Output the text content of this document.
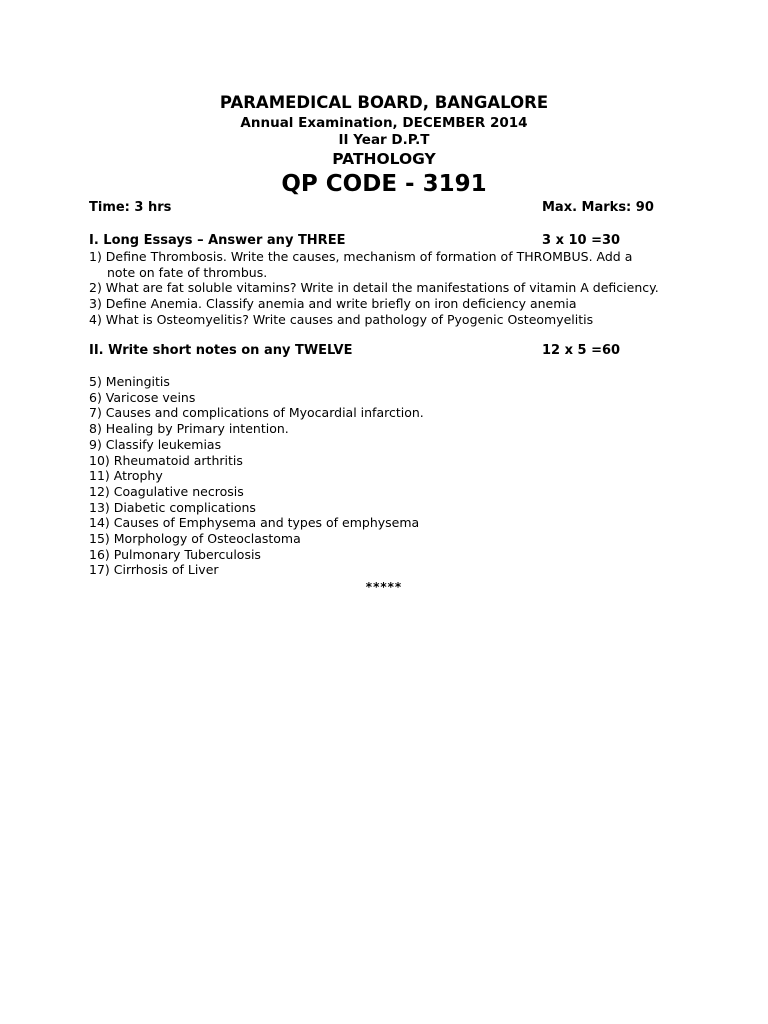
PARAMEDICAL BOARD, BANGALORE
Annual Examination, DECEMBER 2014
II Year D.P.T
PATHOLOGY
QP CODE - 3191
Time: 3 hrs	Max. Marks: 90
I. Long Essays – Answer any THREE	3 x 10 =30
1) Define Thrombosis. Write the causes, mechanism of formation of THROMBUS. Add a
note on fate of thrombus.
2) What are fat soluble vitamins? Write in detail the manifestations of vitamin A deficiency.
3) Define Anemia. Classify anemia and write briefly on iron deficiency anemia
4) What is Osteomyelitis? Write causes and pathology of Pyogenic Osteomyelitis
II. Write short notes on any TWELVE	12 x 5 =60
5) Meningitis
6) Varicose veins
7) Causes and complications of Myocardial infarction.
8) Healing by Primary intention.
9) Classify leukemias
10) Rheumatoid arthritis
11) Atrophy
12) Coagulative necrosis
13) Diabetic complications
14) Causes of Emphysema and types of emphysema
15) Morphology of Osteoclastoma
16) Pulmonary Tuberculosis
17) Cirrhosis of Liver
*****
